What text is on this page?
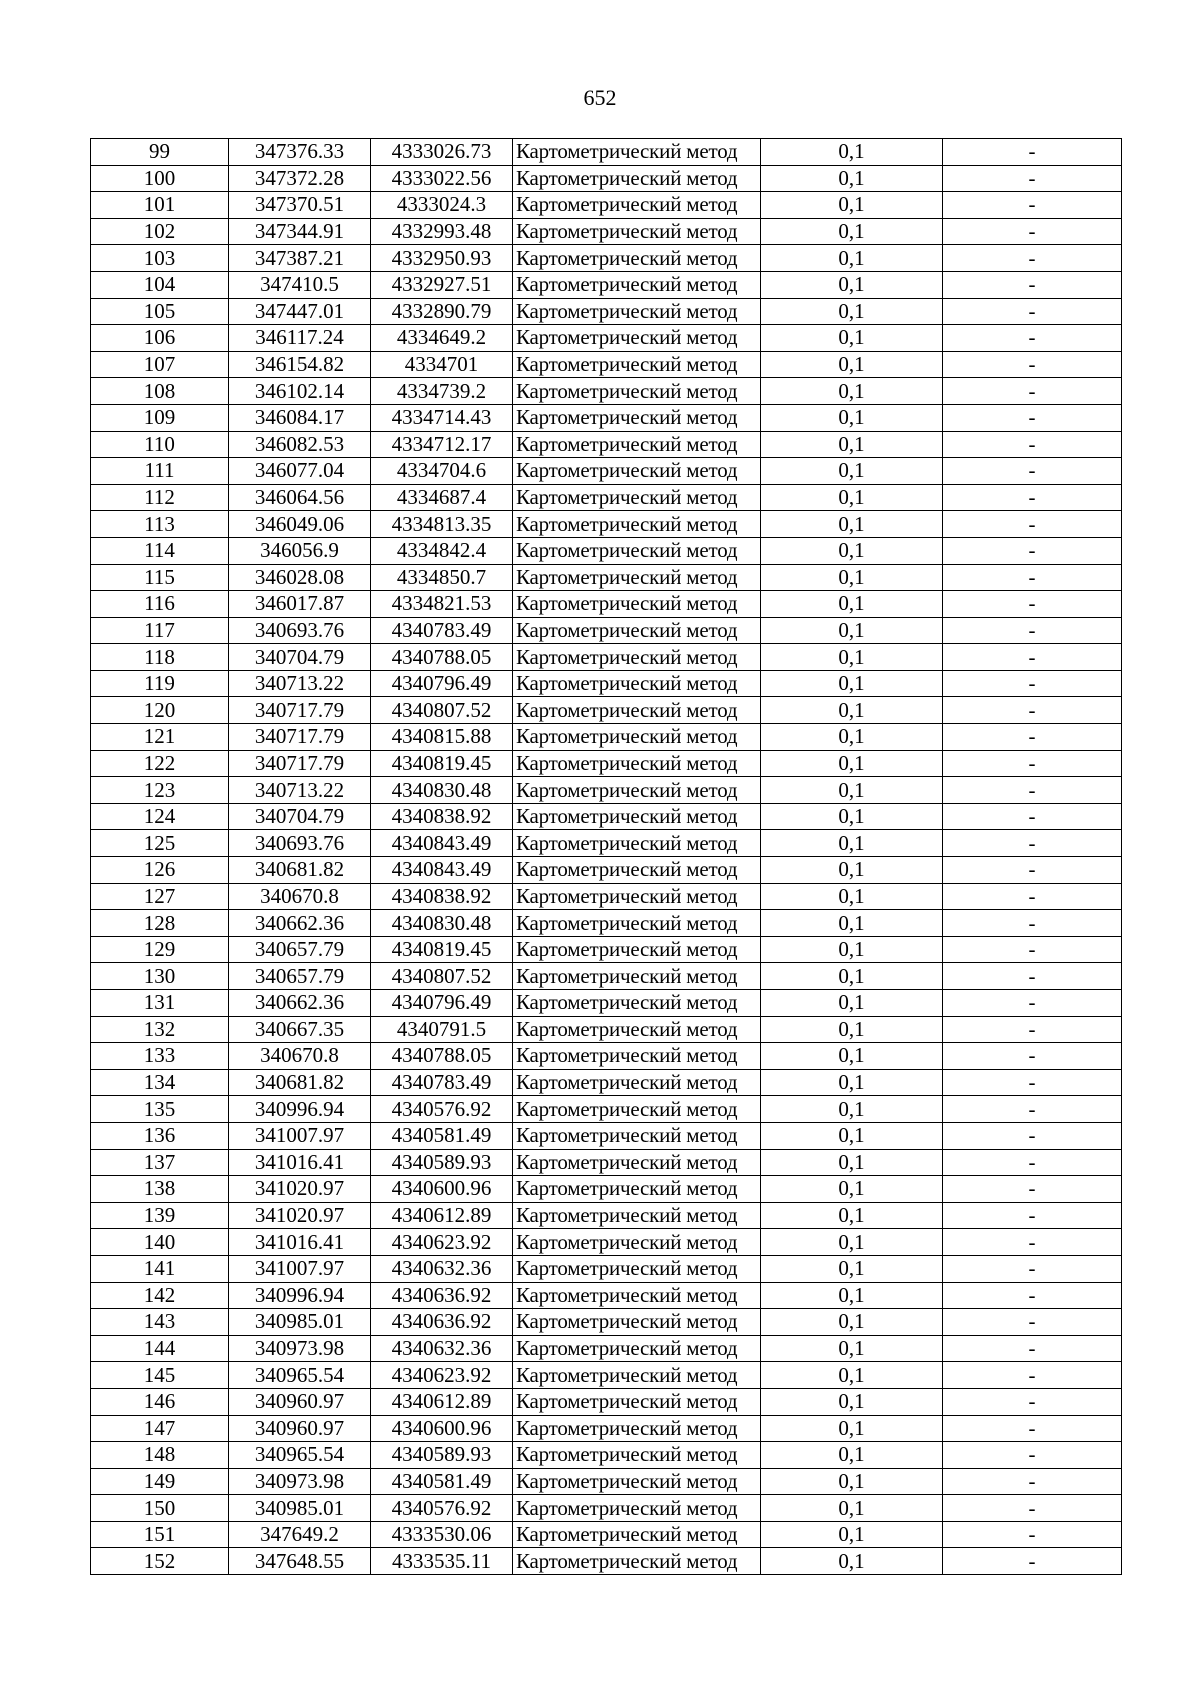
652
99	347376.33	4333026.73	Картометрический метод	0,1	-
100	347372.28	4333022.56	Картометрический метод	0,1	-
101	347370.51	4333024.3	Картометрический метод	0,1	-
102	347344.91	4332993.48	Картометрический метод	0,1	-
103	347387.21	4332950.93	Картометрический метод	0,1	-
104	347410.5	4332927.51	Картометрический метод	0,1	-
105	347447.01	4332890.79	Картометрический метод	0,1	-
106	346117.24	4334649.2	Картометрический метод	0,1	-
107	346154.82	4334701	Картометрический метод	0,1	-
108	346102.14	4334739.2	Картометрический метод	0,1	-
109	346084.17	4334714.43	Картометрический метод	0,1	-
110	346082.53	4334712.17	Картометрический метод	0,1	-
111	346077.04	4334704.6	Картометрический метод	0,1	-
112	346064.56	4334687.4	Картометрический метод	0,1	-
113	346049.06	4334813.35	Картометрический метод	0,1	-
114	346056.9	4334842.4	Картометрический метод	0,1	-
115	346028.08	4334850.7	Картометрический метод	0,1	-
116	346017.87	4334821.53	Картометрический метод	0,1	-
117	340693.76	4340783.49	Картометрический метод	0,1	-
118	340704.79	4340788.05	Картометрический метод	0,1	-
119	340713.22	4340796.49	Картометрический метод	0,1	-
120	340717.79	4340807.52	Картометрический метод	0,1	-
121	340717.79	4340815.88	Картометрический метод	0,1	-
122	340717.79	4340819.45	Картометрический метод	0,1	-
123	340713.22	4340830.48	Картометрический метод	0,1	-
124	340704.79	4340838.92	Картометрический метод	0,1	-
125	340693.76	4340843.49	Картометрический метод	0,1	-
126	340681.82	4340843.49	Картометрический метод	0,1	-
127	340670.8	4340838.92	Картометрический метод	0,1	-
128	340662.36	4340830.48	Картометрический метод	0,1	-
129	340657.79	4340819.45	Картометрический метод	0,1	-
130	340657.79	4340807.52	Картометрический метод	0,1	-
131	340662.36	4340796.49	Картометрический метод	0,1	-
132	340667.35	4340791.5	Картометрический метод	0,1	-
133	340670.8	4340788.05	Картометрический метод	0,1	-
134	340681.82	4340783.49	Картометрический метод	0,1	-
135	340996.94	4340576.92	Картометрический метод	0,1	-
136	341007.97	4340581.49	Картометрический метод	0,1	-
137	341016.41	4340589.93	Картометрический метод	0,1	-
138	341020.97	4340600.96	Картометрический метод	0,1	-
139	341020.97	4340612.89	Картометрический метод	0,1	-
140	341016.41	4340623.92	Картометрический метод	0,1	-
141	341007.97	4340632.36	Картометрический метод	0,1	-
142	340996.94	4340636.92	Картометрический метод	0,1	-
143	340985.01	4340636.92	Картометрический метод	0,1	-
144	340973.98	4340632.36	Картометрический метод	0,1	-
145	340965.54	4340623.92	Картометрический метод	0,1	-
146	340960.97	4340612.89	Картометрический метод	0,1	-
147	340960.97	4340600.96	Картометрический метод	0,1	-
148	340965.54	4340589.93	Картометрический метод	0,1	-
149	340973.98	4340581.49	Картометрический метод	0,1	-
150	340985.01	4340576.92	Картометрический метод	0,1	-
151	347649.2	4333530.06	Картометрический метод	0,1	-
152	347648.55	4333535.11	Картометрический метод	0,1	-
